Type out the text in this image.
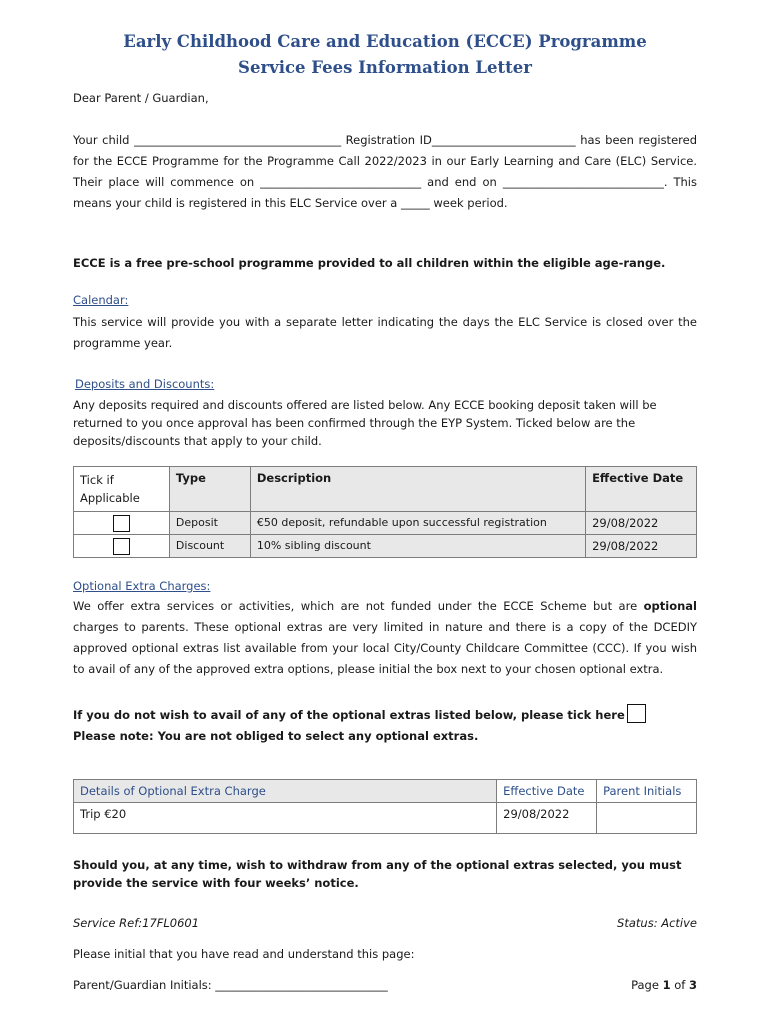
Early Childhood Care and Education (ECCE) Programme
Service Fees Information Letter
Dear Parent / Guardian,
Your child ____________________________________ Registration ID_________________________ has been registered for the ECCE Programme for the Programme Call 2022/2023 in our Early Learning and Care (ELC) Service. Their place will commence on ____________________________ and end on ____________________________. This means your child is registered in this ELC Service over a _____ week period.
ECCE is a free pre-school programme provided to all children within the eligible age-range.
Calendar:
This service will provide you with a separate letter indicating the days the ELC Service is closed over the programme year.
Deposits and Discounts:
Any deposits required and discounts offered are listed below. Any ECCE booking deposit taken will be returned to you once approval has been confirmed through the EYP System. Ticked below are the deposits/discounts that apply to your child.
Tick if Applicable	Type	Description	Effective Date

	Deposit	€50 deposit, refundable upon successful registration	29/08/2022

	Discount	10% sibling discount	29/08/2022
Optional Extra Charges:
We offer extra services or activities, which are not funded under the ECCE Scheme but are optional charges to parents. These optional extras are very limited in nature and there is a copy of the DCEDIY approved optional extras list available from your local City/County Childcare Committee (CCC). If you wish to avail of any of the approved extra options, please initial the box next to your chosen optional extra.
If you do not wish to avail of any of the optional extras listed below, please tick here
Please note: You are not obliged to select any optional extras.
Details of Optional Extra Charge	Effective Date	Parent Initials
Trip €20	29/08/2022	
Should you, at any time, wish to withdraw from any of the optional extras selected, you must provide the service with four weeks’ notice.
Service Ref:17FL0601	Status: Active
Please initial that you have read and understand this page:
Parent/Guardian Initials: ______________________________	Page 1 of 3
